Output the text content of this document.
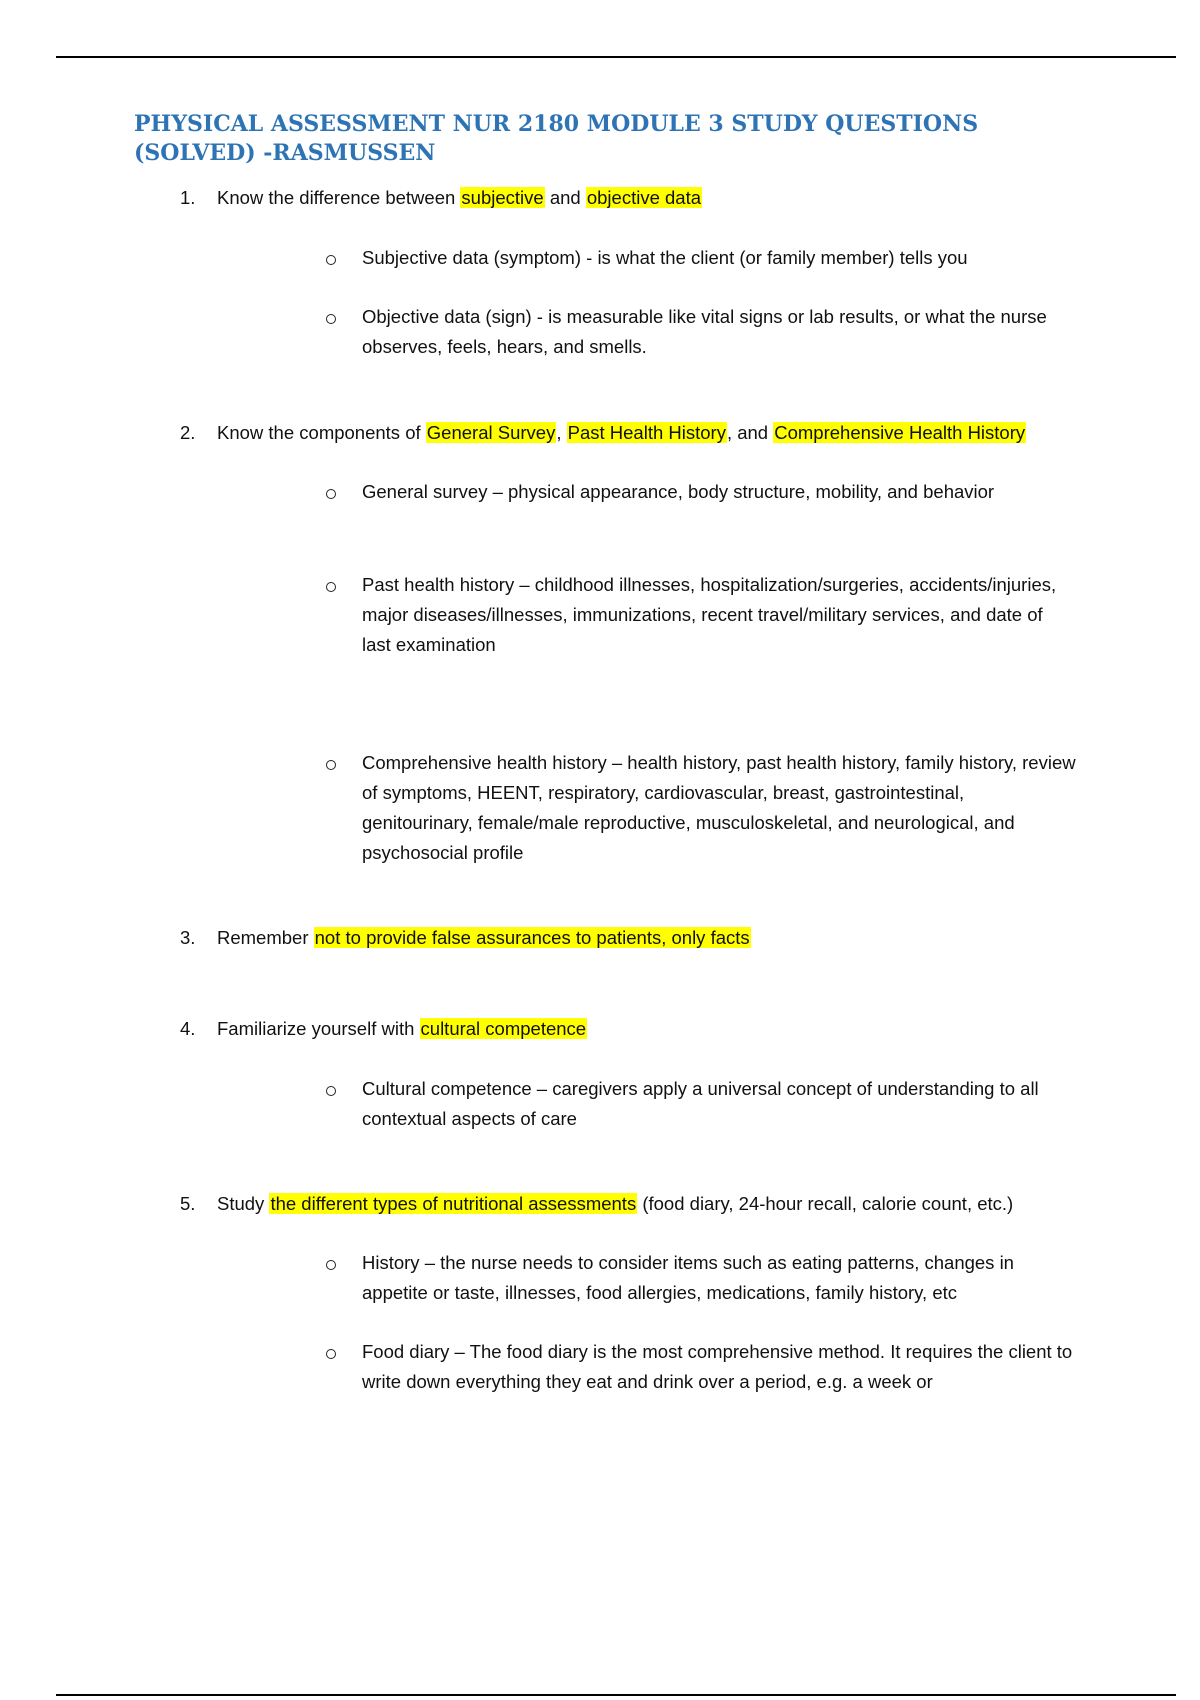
PHYSICAL ASSESSMENT NUR 2180 MODULE 3 STUDY QUESTIONS (SOLVED) -RASMUSSEN
1.	Know the difference between subjective and objective data
Subjective data (symptom) - is what the client (or family member) tells you
Objective data (sign) - is measurable like vital signs or lab results, or what the nurse observes, feels, hears, and smells.
2.	Know the components of General Survey, Past Health History, and Comprehensive Health History
General survey – physical appearance, body structure, mobility, and behavior
Past health history – childhood illnesses, hospitalization/surgeries, accidents/injuries, major diseases/illnesses, immunizations, recent travel/military services, and date of last examination
Comprehensive health history – health history, past health history, family history, review of symptoms, HEENT, respiratory, cardiovascular, breast, gastrointestinal, genitourinary, female/male reproductive, musculoskeletal, and neurological, and psychosocial profile
3.	Remember not to provide false assurances to patients, only facts
4.	Familiarize yourself with cultural competence
Cultural competence – caregivers apply a universal concept of understanding to all contextual aspects of care
5.	Study the different types of nutritional assessments (food diary, 24-hour recall, calorie count, etc.)
History – the nurse needs to consider items such as eating patterns, changes in appetite or taste, illnesses, food allergies, medications, family history, etc
Food diary – The food diary is the most comprehensive method. It requires the client to write down everything they eat and drink over a period, e.g. a week or
